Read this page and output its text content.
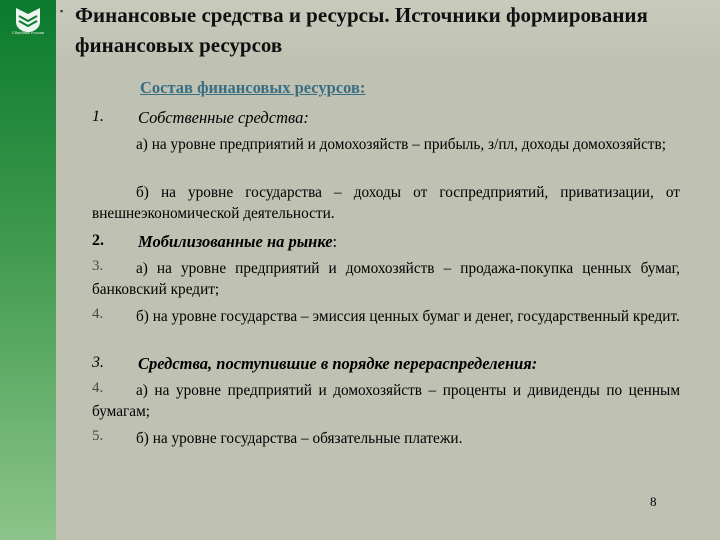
Сбербанк России
▪ Финансовые средства и ресурсы. Источники формирования финансовых ресурсов

Состав финансовых ресурсов:

1. Собственные средства:

а) на уровне предприятий и домохозяйств – прибыль, з/пл, доходы домохозяйств;

б) на уровне государства – доходы от госпредприятий, приватизации, от внешнеэкономической деятельности.

2. Мобилизованные на рынке:
3.	а) на уровне предприятий и домохозяйств – продажа-покупка ценных бумаг, банковский кредит;

4.	б) на уровне государства – эмиссия ценных бумаг и денег, государственный кредит.

3. Средства, поступившие в порядке перераспределения:
4.	а) на уровне предприятий и домохозяйств – проценты и дивиденды по ценным бумагам;

5.	б) на уровне государства – обязательные платежи.

8
